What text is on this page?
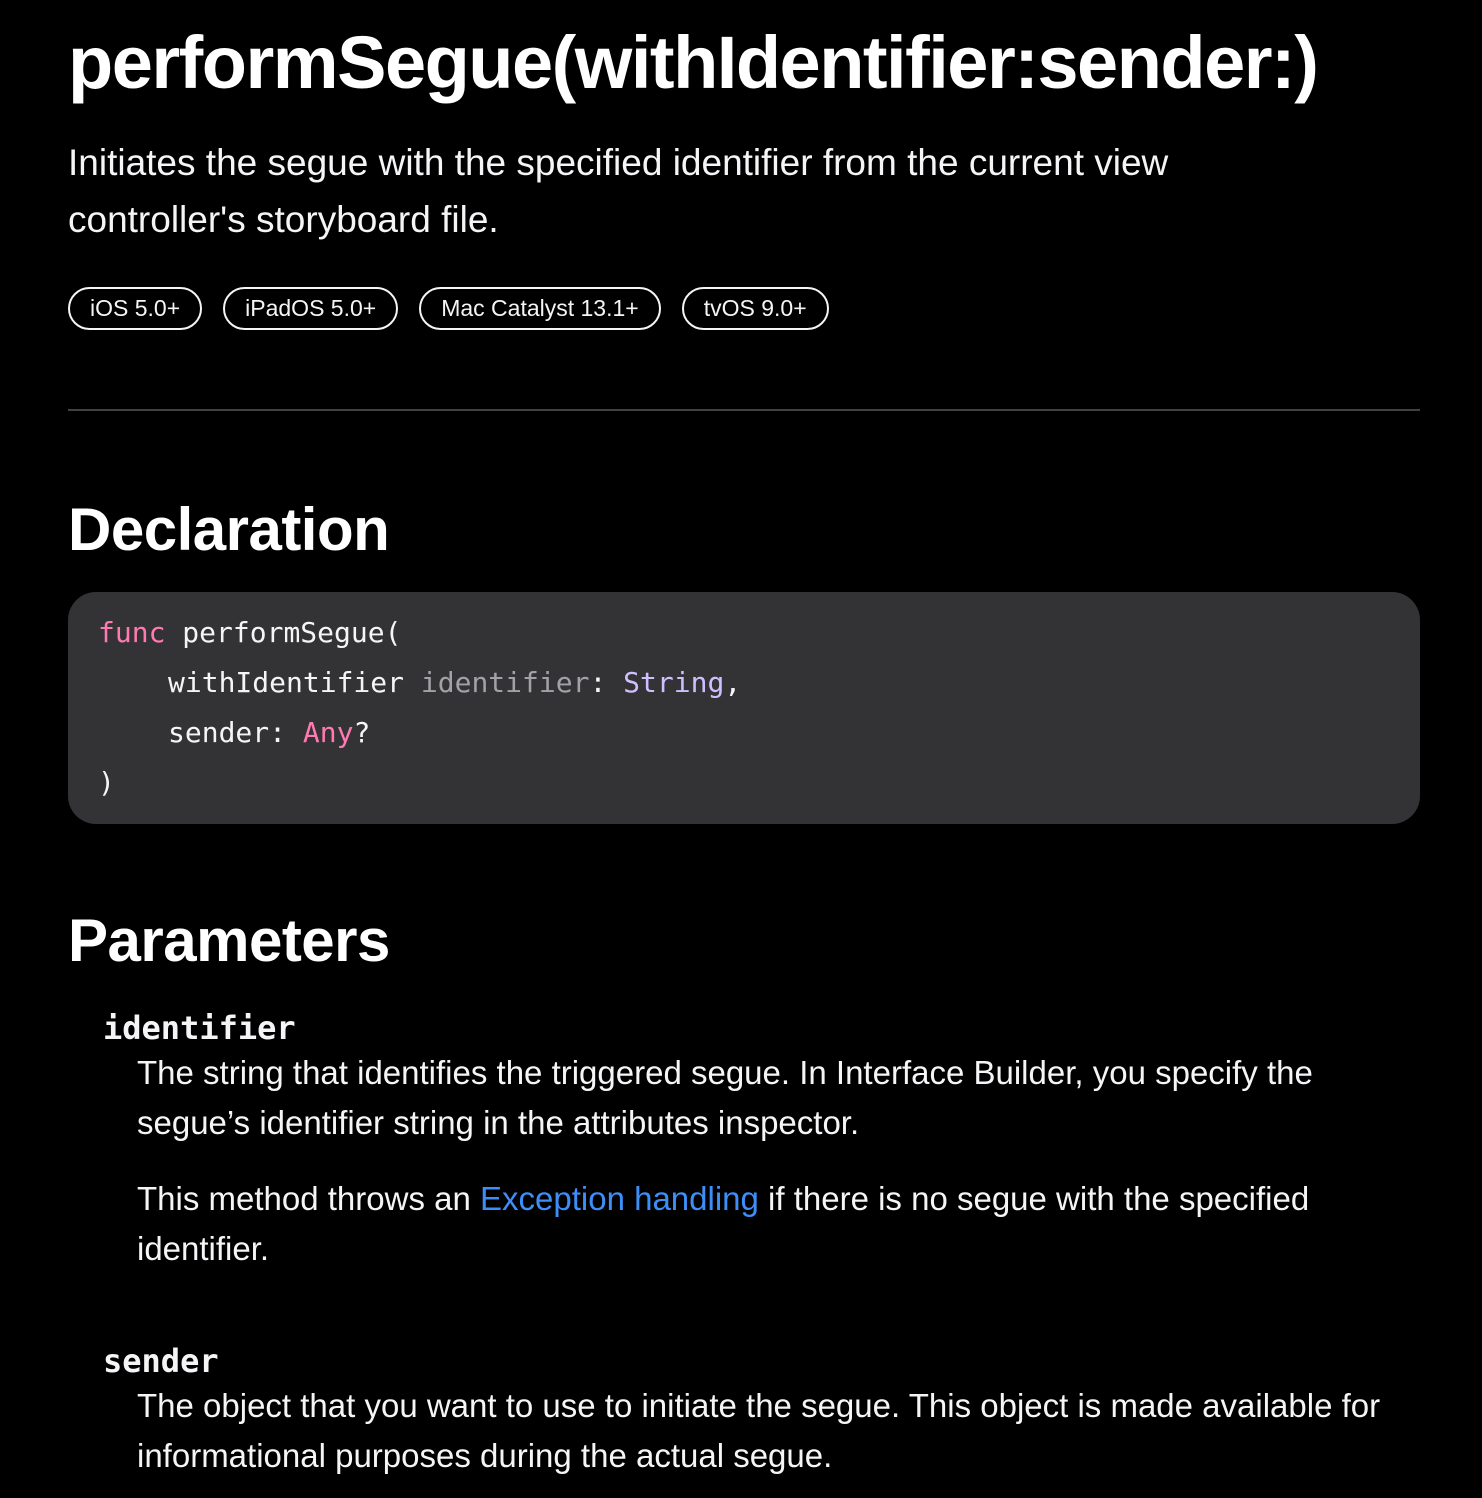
performSegue(withIdentifier:sender:)

Initiates the segue with the specified identifier from the current view controller's storyboard file.

iOS 5.0+	iPadOS 5.0+	Mac Catalyst 13.1+	tvOS 9.0+
Declaration
func performSegue(
withIdentifier identifier: String,
sender: Any?
)
Parameters

identifier

The string that identifies the triggered segue. In Interface Builder, you specify the segue’s identifier string in the attributes inspector.

This method throws an Exception handling if there is no segue with the specified identifier.

sender

The object that you want to use to initiate the segue. This object is made available for informational purposes during the actual segue.
